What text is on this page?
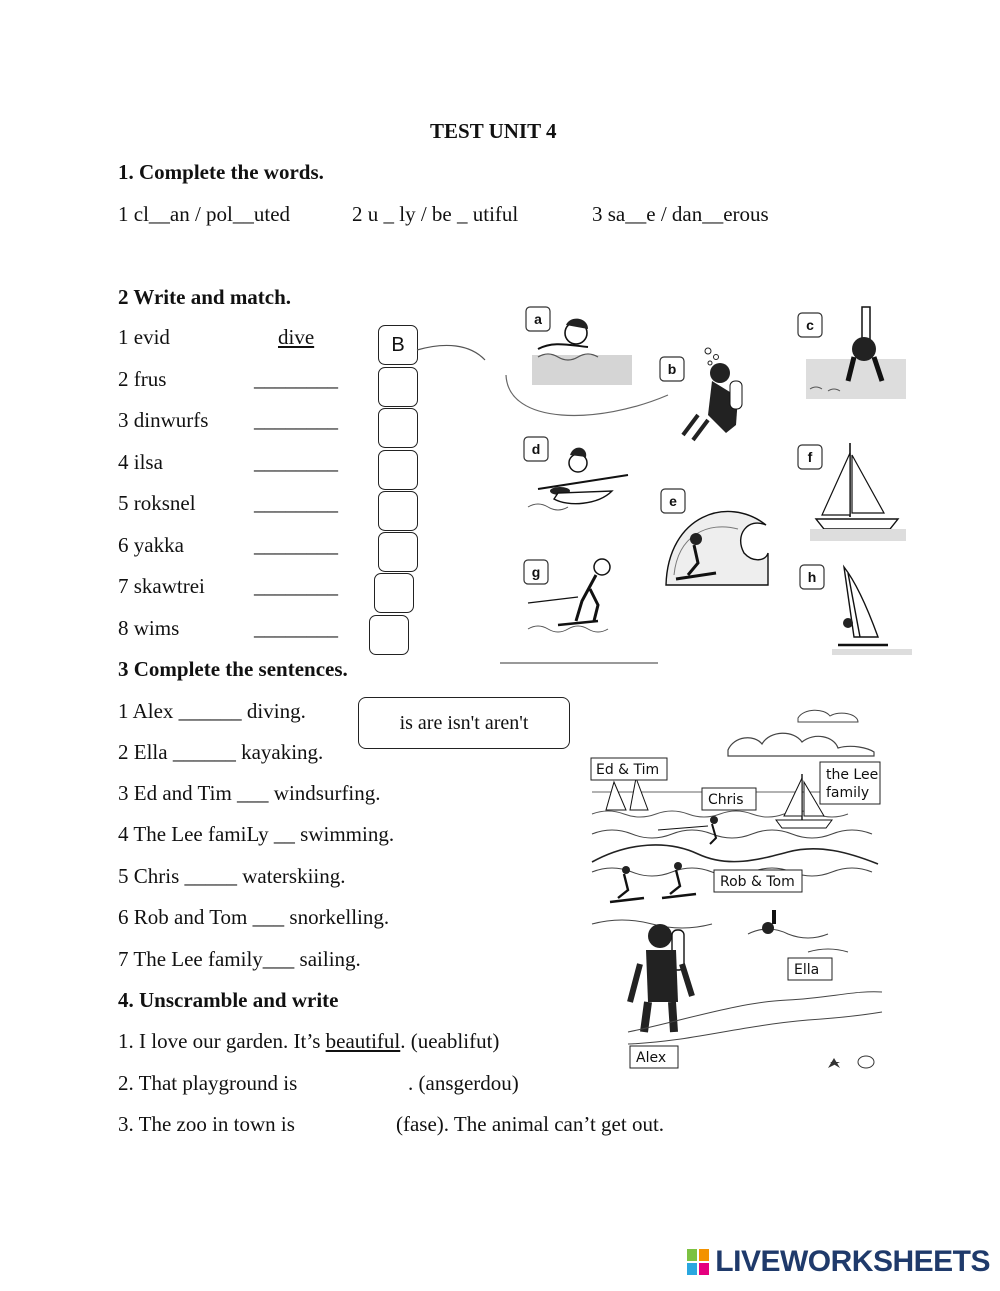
TEST UNIT 4
1. Complete the words.
1 cl__an / pol__uted	2 u _ ly / be _ utiful	3 sa__e / dan__erous
2 Write and match.
1 evid	dive
2 frus	________
3 dinwurfs ________
4 ilsa	________
5 roksnel	________
6 yakka	________
7 skawtrei ________
8 wims	________
B
a
b
c
d
e
f
g	h
3 Complete the sentences.
is are isn't aren't
1 Alex ______ diving.
2 Ella ______ kayaking.
3 Ed and Tim ___ windsurfing.
4 The Lee famiLy __ swimming.
5 Chris _____ waterskiing.
6 Rob and Tom ___ snorkelling.
7 The Lee family___ sailing.
Ed & Tim
Chris
the Lee
family
Rob & Tom
Ella
Alex
4. Unscramble and write
1. I love our garden. It’s beautiful. (ueablifut)
2. That playground is	. (ansgerdou)
3. The zoo in town is	(fase). The animal can’t get out.
LIVEWORKSHEETS
